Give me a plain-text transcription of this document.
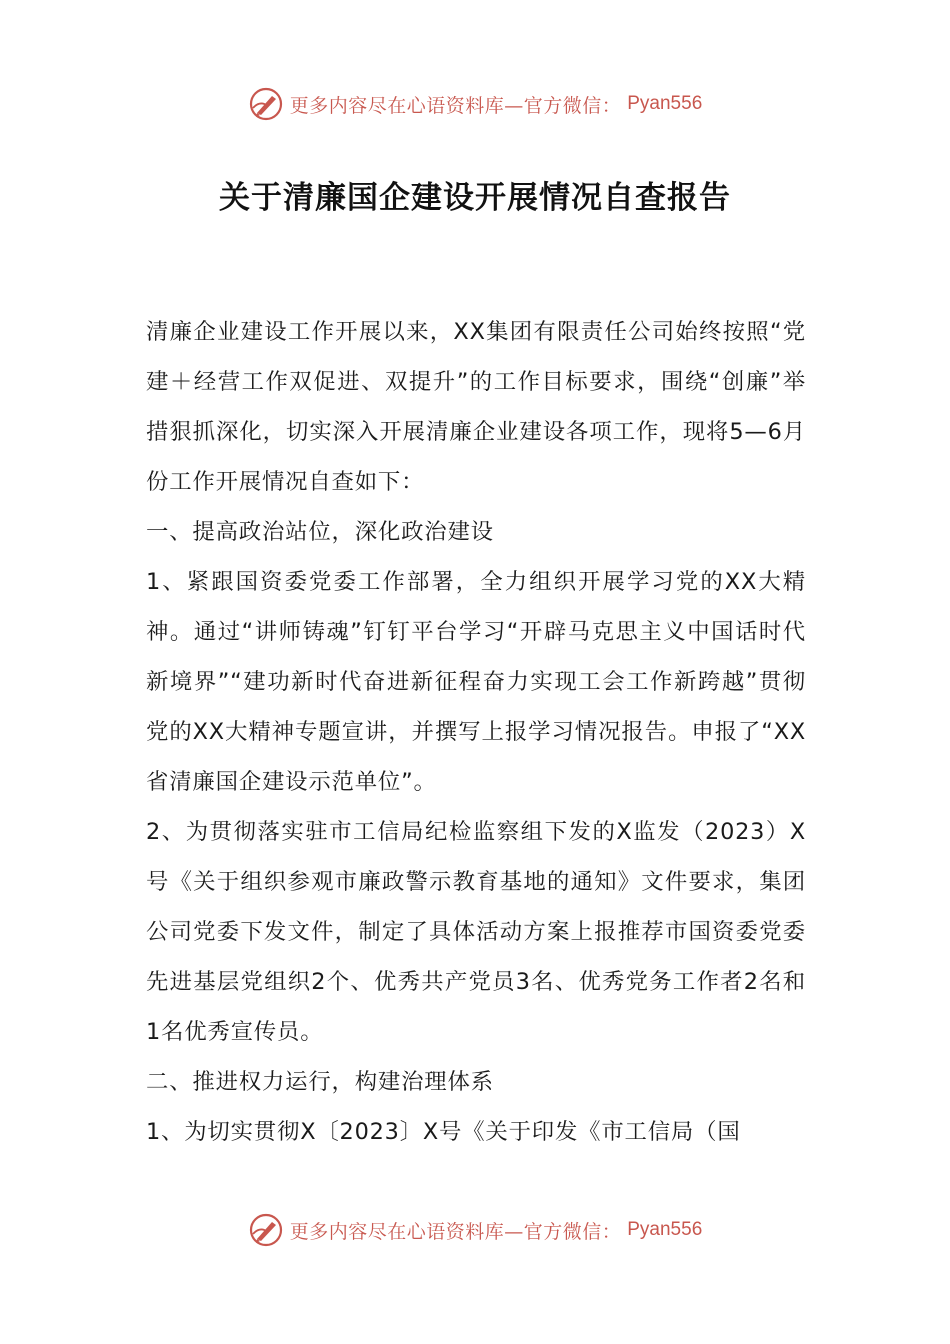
更多内容尽在心语资料库—官方微信： Pyan556
关于清廉国企建设开展情况自查报告

清廉企业建设工作开展以来，XX集团有限责任公司始终按照“党建＋经营工作双促进、双提升”的工作目标要求，围绕“创廉”举措狠抓深化，切实深入开展清廉企业建设各项工作，现将5—6月份工作开展情况自查如下：

一、提高政治站位，深化政治建设

1、紧跟国资委党委工作部署，全力组织开展学习党的XX大精神。通过“讲师铸魂”钉钉平台学习“开辟马克思主义中国话时代新境界”“建功新时代奋进新征程奋力实现工会工作新跨越”贯彻党的XX大精神专题宣讲，并撰写上报学习情况报告。申报了“XX省清廉国企建设示范单位”。

2、为贯彻落实驻市工信局纪检监察组下发的X监发（2023）X号《关于组织参观市廉政警示教育基地的通知》文件要求，集团公司党委下发文件，制定了具体活动方案上报推荐市国资委党委先进基层党组织2个、优秀共产党员3名、优秀党务工作者2名和1名优秀宣传员。

二、推进权力运行，构建治理体系

1、为切实贯彻X〔2023〕X号《关于印发《市工信局（国

更多内容尽在心语资料库—官方微信： Pyan556
